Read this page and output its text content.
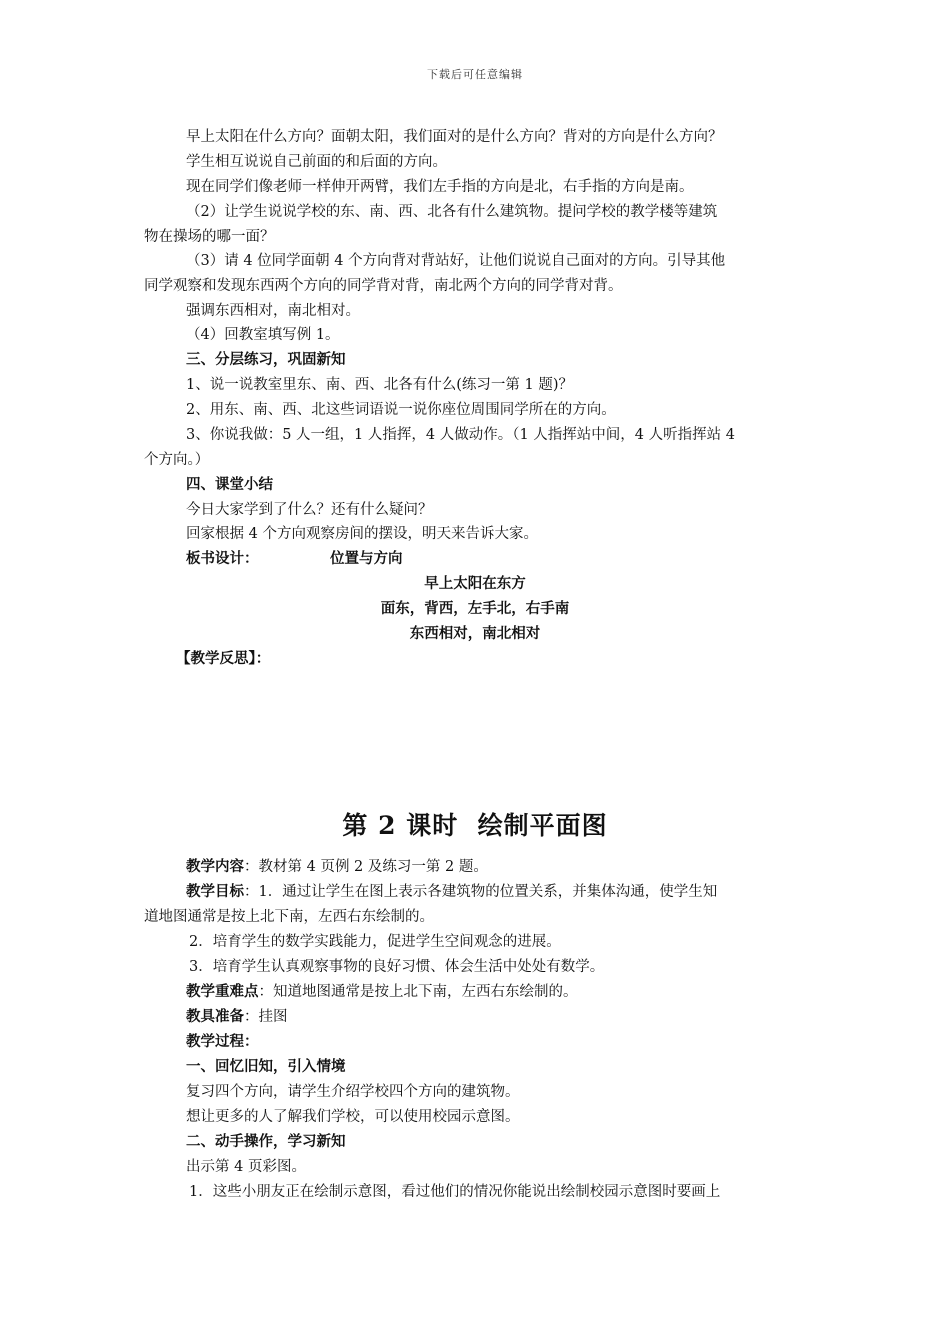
下载后可任意编辑
早上太阳在什么方向？面朝太阳，我们面对的是什么方向？背对的方向是什么方向？
学生相互说说自己前面的和后面的方向。
现在同学们像老师一样伸开两臂，我们左手指的方向是北，右手指的方向是南。
（2）让学生说说学校的东、南、西、北各有什么建筑物。提问学校的教学楼等建筑
物在操场的哪一面？
（3）请 4 位同学面朝 4 个方向背对背站好，让他们说说自己面对的方向。引导其他
同学观察和发现东西两个方向的同学背对背，南北两个方向的同学背对背。
强调东西相对，南北相对。
（4）回教室填写例 1。
三、分层练习，巩固新知
1、说一说教室里东、南、西、北各有什么(练习一第 1 题)？
2、用东、南、西、北这些词语说一说你座位周围同学所在的方向。
3、你说我做：5 人一组，1 人指挥，4 人做动作。（1 人指挥站中间，4 人听指挥站 4
个方向。）
四、课堂小结
今日大家学到了什么？还有什么疑问？
回家根据 4 个方向观察房间的摆设，明天来告诉大家。
板书设计：	位置与方向
早上太阳在东方
面东，背西，左手北，右手南
东西相对，南北相对
【教学反思】：
第 2 课时  绘制平面图
教学内容：教材第 4 页例 2 及练习一第 2 题。
教学目标：1．通过让学生在图上表示各建筑物的位置关系，并集体沟通，使学生知
道地图通常是按上北下南，左西右东绘制的。
2．培育学生的数学实践能力，促进学生空间观念的进展。
3．培育学生认真观察事物的良好习惯、体会生活中处处有数学。
教学重难点：知道地图通常是按上北下南，左西右东绘制的。
教具准备：挂图
教学过程：
一、回忆旧知，引入情境
复习四个方向，请学生介绍学校四个方向的建筑物。
想让更多的人了解我们学校，可以使用校园示意图。
二、动手操作，学习新知
出示第 4 页彩图。
1．这些小朋友正在绘制示意图，看过他们的情况你能说出绘制校园示意图时要画上
